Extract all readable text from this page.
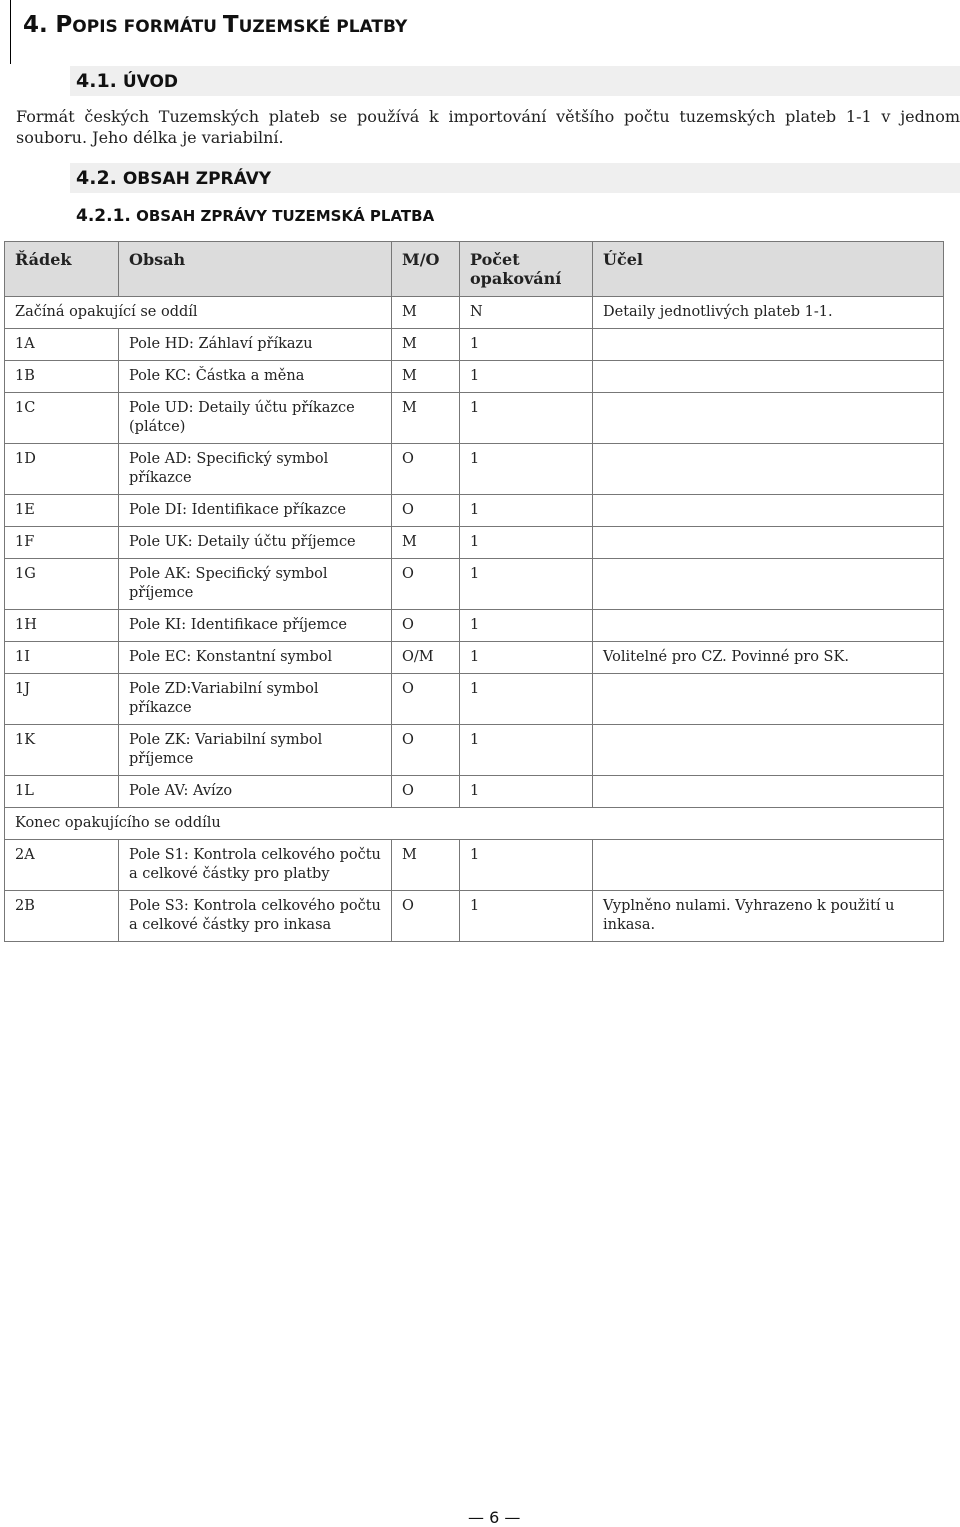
4. POPIS FORMÁTU TUZEMSKÉ PLATBY
4.1. ÚVOD

Formát českých Tuzemských plateb se používá k importování většího počtu tuzemských plateb 1-1 v jednom souboru. Jeho délka je variabilní.

4.2. OBSAH ZPRÁVY
4.2.1. OBSAH ZPRÁVY TUZEMSKÁ PLATBA
Řádek	Obsah	M/O	Počet opakování	Účel
Začíná opakující se oddíl		M	N	Detaily jednotlivých plateb 1-1.
1A	Pole HD: Záhlaví příkazu	M	1	
1B	Pole KC: Částka a měna	M	1	
1C	Pole UD: Detaily účtu příkazce (plátce)	M	1	
1D	Pole AD: Specifický symbol příkazce	O	1	
1E	Pole DI: Identifikace příkazce	O	1	
1F	Pole UK: Detaily účtu příjemce	M	1	
1G	Pole AK: Specifický symbol příjemce	O	1	
1H	Pole KI: Identifikace příjemce	O	1	
1I	Pole EC: Konstantní symbol	O/M	1	Volitelné pro CZ. Povinné pro SK.
1J	Pole ZD:Variabilní symbol příkazce	O	1	
1K	Pole ZK: Variabilní symbol příjemce	O	1	
1L	Pole AV: Avízo	O	1	
Konec opakujícího se oddílu				
2A	Pole S1: Kontrola celkového počtu a celkové částky pro platby	M	1	
2B	Pole S3: Kontrola celkového počtu a celkové částky pro inkasa	O	1	Vyplněno nulami. Vyhrazeno k použití u inkasa.
— 6 —
